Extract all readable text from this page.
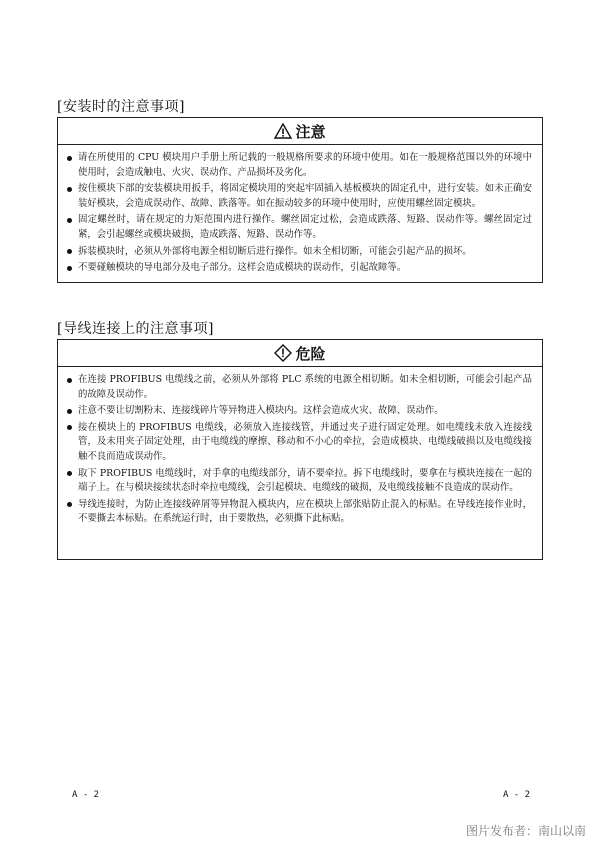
[安装时的注意事项]
注意
请在所使用的 CPU 模块用户手册上所记载的一般规格所要求的环境中使用。如在一般规格范围以外的环境中使用时，会造成触电、火灾、误动作、产品损坏及劣化。
按住模块下部的安装模块用扳手，将固定模块用的突起牢固插入基板模块的固定孔中，进行安装。如未正确安装好模块，会造成误动作、故障、跌落等。如在振动较多的环境中使用时，应使用螺丝固定模块。
固定螺丝时，请在规定的力矩范围内进行操作。螺丝固定过松，会造成跌落、短路、误动作等。螺丝固定过紧，会引起螺丝或模块破损，造成跌落、短路、误动作等。
拆装模块时，必须从外部将电源全相切断后进行操作。如未全相切断，可能会引起产品的损坏。
不要碰触模块的导电部分及电子部分。这样会造成模块的误动作，引起故障等。
[导线连接上的注意事项]
危险
在连接 PROFIBUS 电缆线之前，必须从外部将 PLC 系统的电源全相切断。如未全相切断，可能会引起产品的故障及误动作。
注意不要让切割粉末、连接线碎片等异物进入模块内。这样会造成火灾、故障、误动作。
接在模块上的 PROFIBUS 电缆线，必须放入连接线管，并通过夹子进行固定处理。如电缆线未放入连接线管，及未用夹子固定处理，由于电缆线的摩擦、移动和不小心的牵拉，会造成模块、电缆线破损以及电缆线接触不良而造成误动作。
取下 PROFIBUS 电缆线时，对手拿的电缆线部分，请不要牵拉。拆下电缆线时，要拿在与模块连接在一起的端子上。在与模块接续状态时牵拉电缆线，会引起模块、电缆线的破损，及电缆线接触不良造成的误动作。
导线连接时，为防止连接线碎屑等异物混入模块内，应在模块上部张贴防止混入的标贴。在导线连接作业时，不要撕去本标贴。在系统运行时，由于要散热，必须撕下此标贴。
A - 2	A - 2
图片发布者：南山以南
